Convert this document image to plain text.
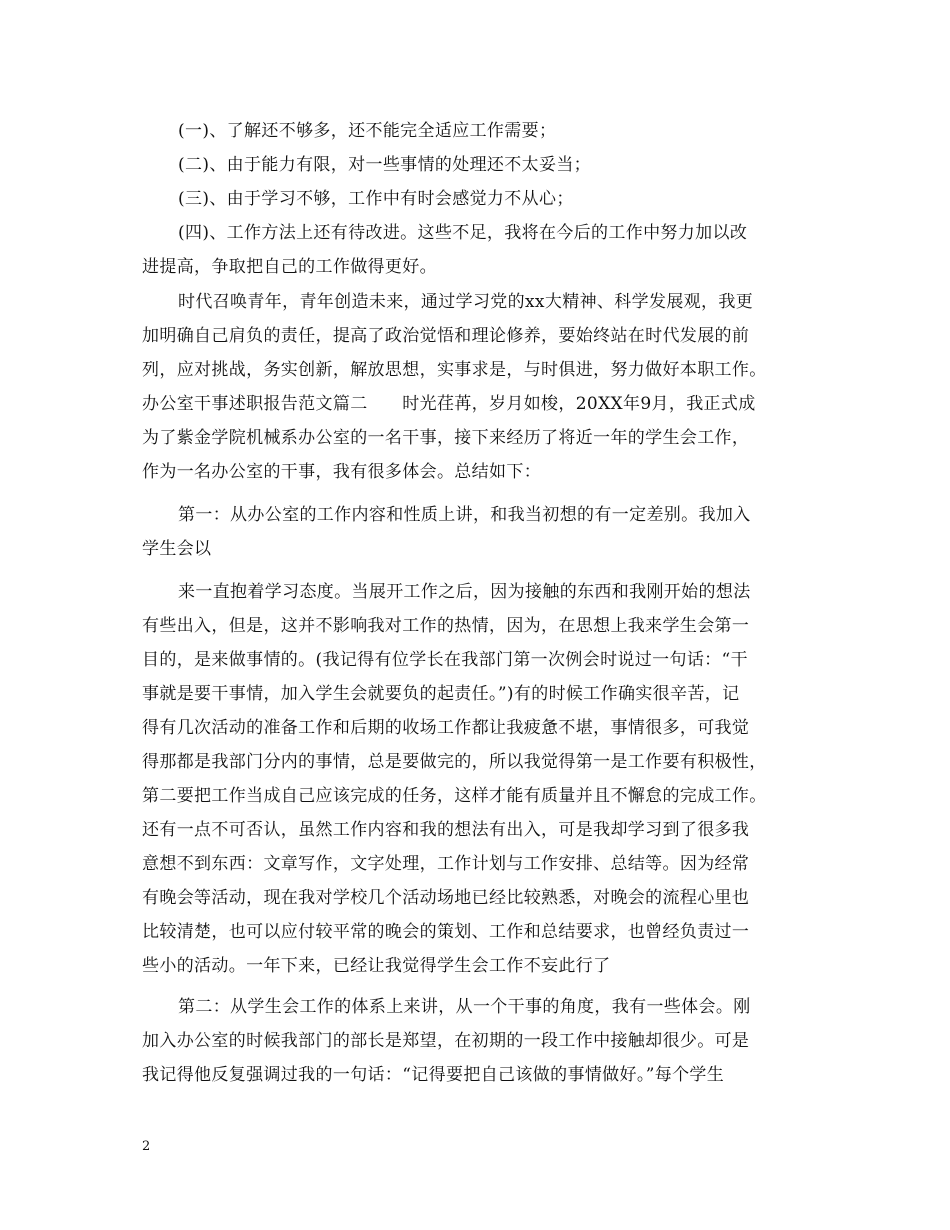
(一)、了解还不够多，还不能完全适应工作需要；
(二)、由于能力有限，对一些事情的处理还不太妥当；
(三)、由于学习不够，工作中有时会感觉力不从心；
(四)、工作方法上还有待改进。这些不足，我将在今后的工作中努力加以改
进提高，争取把自己的工作做得更好。
时代召唤青年，青年创造未来，通过学习党的xx大精神、科学发展观，我更
加明确自己肩负的责任，提高了政治觉悟和理论修养，要始终站在时代发展的前
列，应对挑战，务实创新，解放思想，实事求是，与时俱进，努力做好本职工作。
办公室干事述职报告范文篇二　　时光荏苒，岁月如梭，20XX年9月，我正式成
为了紫金学院机械系办公室的一名干事，接下来经历了将近一年的学生会工作，
作为一名办公室的干事，我有很多体会。总结如下：
第一：从办公室的工作内容和性质上讲，和我当初想的有一定差别。我加入
学生会以
来一直抱着学习态度。当展开工作之后，因为接触的东西和我刚开始的想法
有些出入，但是，这并不影响我对工作的热情，因为，在思想上我来学生会第一
目的，是来做事情的。(我记得有位学长在我部门第一次例会时说过一句话：“干
事就是要干事情，加入学生会就要负的起责任。”)有的时候工作确实很辛苦，记
得有几次活动的准备工作和后期的收场工作都让我疲惫不堪，事情很多，可我觉
得那都是我部门分内的事情，总是要做完的，所以我觉得第一是工作要有积极性，
第二要把工作当成自己应该完成的任务，这样才能有质量并且不懈怠的完成工作。
还有一点不可否认，虽然工作内容和我的想法有出入，可是我却学习到了很多我
意想不到东西：文章写作，文字处理，工作计划与工作安排、总结等。因为经常
有晚会等活动，现在我对学校几个活动场地已经比较熟悉，对晚会的流程心里也
比较清楚，也可以应付较平常的晚会的策划、工作和总结要求，也曾经负责过一
些小的活动。一年下来，已经让我觉得学生会工作不妄此行了
第二：从学生会工作的体系上来讲，从一个干事的角度，我有一些体会。刚
加入办公室的时候我部门的部长是郑望，在初期的一段工作中接触却很少。可是
我记得他反复强调过我的一句话：“记得要把自己该做的事情做好。”每个学生
2
